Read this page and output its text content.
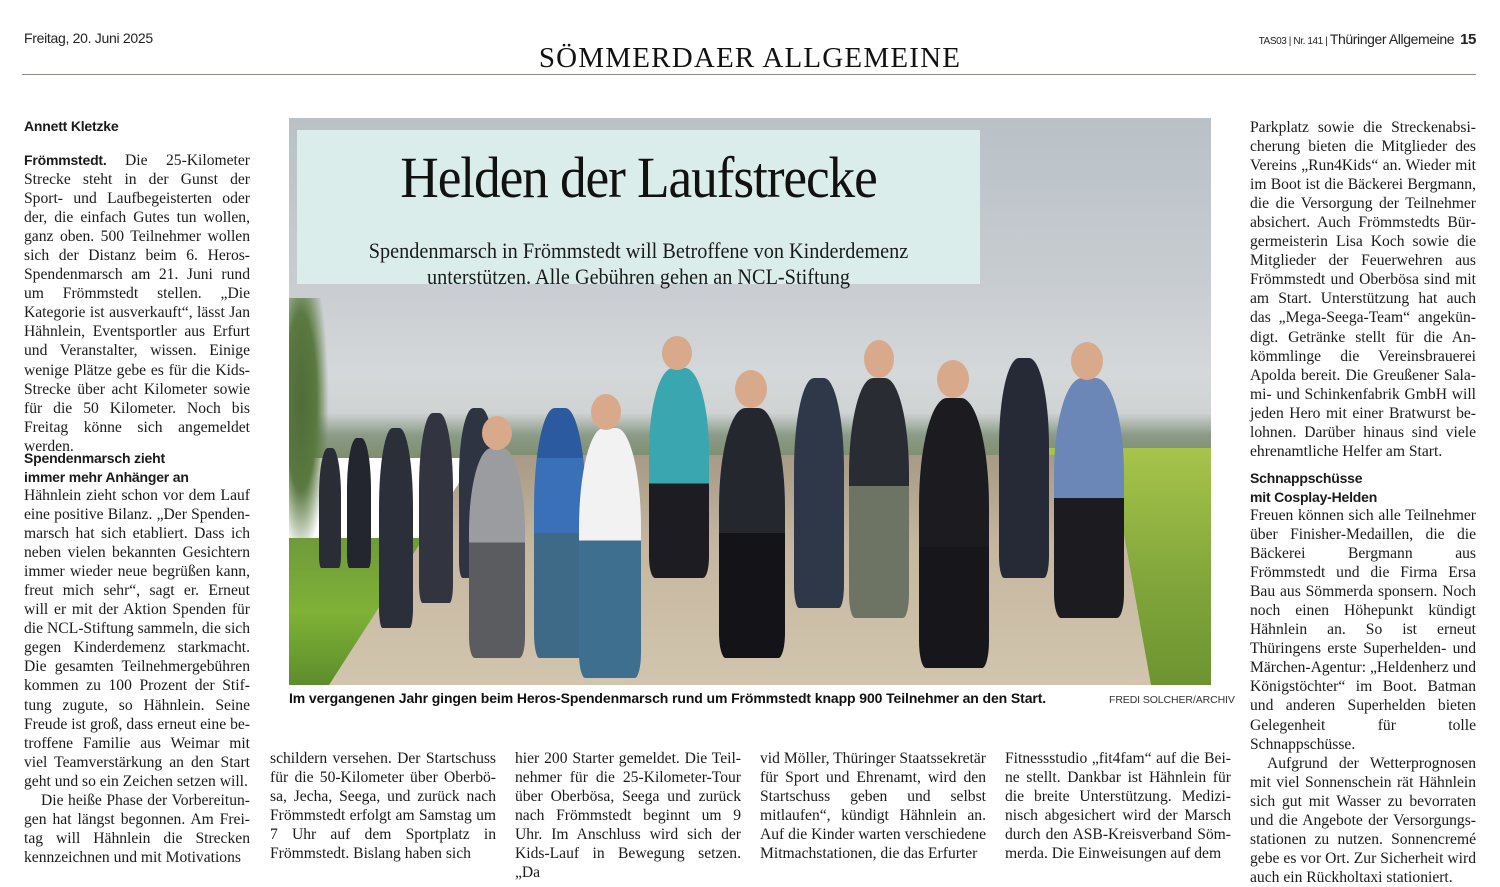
Freitag, 20. Juni 2025
SÖMMERDAER ALLGEMEINE
TAS03 | Nr. 141 | Thüringer Allgemeine 15
Annett Kletzke

Frömmstedt. Die 25-Kilometer Strecke steht in der Gunst der Sport- und Laufbegeisterten oder der, die einfach Gutes tun wollen, ganz oben. 500 Teilnehmer wollen sich der Distanz beim 6. Heros-Spendenmarsch am 21. Juni rund um Frömmstedt stellen. „Die Kategorie ist ausverkauft“, lässt Jan Hähnlein, Eventsportler aus Erfurt und Veranstalter, wissen. Einige wenige Plätze gebe es für die Kids-Strecke über acht Kilometer sowie für die 50 Kilometer. Noch bis Freitag könne sich angemeldet werden.

Spendenmarsch zieht
immer mehr Anhänger an

Hähnlein zieht schon vor dem Lauf eine positive Bilanz. „Der Spendenmarsch hat sich etabliert. Dass ich neben vielen bekannten Gesichtern immer wieder neue begrüßen kann, freut mich sehr“, sagt er. Erneut will er mit der Aktion Spenden für die NCL-Stiftung sammeln, die sich gegen Kinderdemenz starkmacht. Die gesamten Teilnehmergebühren kommen zu 100 Prozent der Stiftung zugute, so Hähnlein. Seine Freude ist groß, dass erneut eine betroffene Familie aus Weimar mit viel Teamverstärkung an den Start geht und so ein Zeichen setzen will.

Die heiße Phase der Vorbereitungen hat längst begonnen. Am Freitag will Hähnlein die Strecken kennzeichnen und mit Motivations

Helden der Laufstrecke
Spendenmarsch in Frömmstedt will Betroffene von Kinderdemenz
unterstützen. Alle Gebühren gehen an NCL-Stiftung
Im vergangenen Jahr gingen beim Heros-Spendenmarsch rund um Frömmstedt knapp 900 Teilnehmer an den Start.	FREDI SOLCHER/ARCHIV

schildern versehen. Der Startschuss für die 50-Kilometer über Oberbösa, Jecha, Seega, und zurück nach Frömmstedt erfolgt am Samstag um 7 Uhr auf dem Sportplatz in Frömmstedt. Bislang haben sich

hier 200 Starter gemeldet. Die Teilnehmer für die 25-Kilometer-Tour über Oberbösa, Seega und zurück nach Frömmstedt beginnt um 9 Uhr. Im Anschluss wird sich der Kids-Lauf in Bewegung setzen. „Da

vid Möller, Thüringer Staatssekretär für Sport und Ehrenamt, wird den Startschuss geben und selbst mitlaufen“, kündigt Hähnlein an. Auf die Kinder warten verschiedene Mitmachstationen, die das Erfurter

Fitnessstudio „fit4fam“ auf die Beine stellt. Dankbar ist Hähnlein für die breite Unterstützung. Medizinisch abgesichert wird der Marsch durch den ASB-Kreisverband Sömmerda. Die Einweisungen auf dem

Parkplatz sowie die Streckenabsicherung bieten die Mitglieder des Vereins „Run4Kids“ an. Wieder mit im Boot ist die Bäckerei Bergmann, die die Versorgung der Teilnehmer absichert. Auch Frömmstedts Bürgermeisterin Lisa Koch sowie die Mitglieder der Feuerwehren aus Frömmstedt und Oberbösa sind mit am Start. Unterstützung hat auch das „Mega-Seega-Team“ angekündigt. Getränke stellt für die Ankömmlinge die Vereinsbrauerei Apolda bereit. Die Greußener Salami- und Schinkenfabrik GmbH will jeden Hero mit einer Bratwurst belohnen. Darüber hinaus sind viele ehrenamtliche Helfer am Start.

Schnappschüsse
mit Cosplay-Helden

Freuen können sich alle Teilnehmer über Finisher-Medaillen, die die Bäckerei Bergmann aus Frömmstedt und die Firma Ersa Bau aus Sömmerda sponsern. Noch noch einen Höhepunkt kündigt Hähnlein an. So ist erneut Thüringens erste Superhelden- und Märchen-Agentur: „Heldenherz und Königstöchter“ im Boot. Batman und anderen Superhelden bieten Gelegenheit für tolle Schnappschüsse.

Aufgrund der Wetterprognosen mit viel Sonnenschein rät Hähnlein sich gut mit Wasser zu bevorraten und die Angebote der Versorgungsstationen zu nutzen. Sonnencremé gebe es vor Ort. Zur Sicherheit wird auch ein Rückholtaxi stationiert.
